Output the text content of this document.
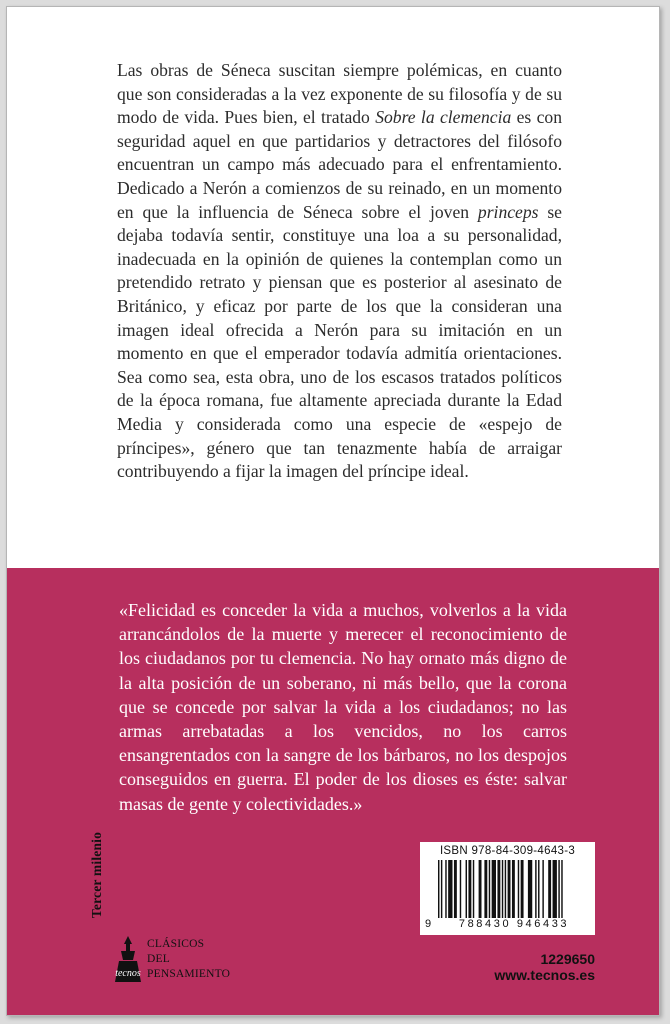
Las obras de Séneca suscitan siempre polémicas, en cuanto que son consideradas a la vez exponente de su filosofía y de su modo de vida. Pues bien, el tratado Sobre la clemencia es con seguridad aquel en que partidarios y detractores del filósofo encuentran un campo más adecuado para el enfrentamiento. Dedicado a Nerón a comienzos de su reinado, en un momento en que la influencia de Séneca sobre el joven princeps se dejaba todavía sentir, constituye una loa a su personalidad, inadecuada en la opinión de quienes la contemplan como un pretendido retrato y piensan que es posterior al asesinato de Británico, y eficaz por parte de los que la consideran una imagen ideal ofrecida a Nerón para su imitación en un momento en que el emperador todavía admitía orientaciones. Sea como sea, esta obra, uno de los escasos tratados políticos de la época romana, fue altamente apreciada durante la Edad Media y considerada como una especie de «espejo de príncipes», género que tan tenazmente había de arraigar contribuyendo a fijar la imagen del príncipe ideal.
«Felicidad es conceder la vida a muchos, volverlos a la vida arrancándolos de la muerte y merecer el reconocimiento de los ciudadanos por tu clemencia. No hay ornato más digno de la alta posición de un soberano, ni más bello, que la corona que se concede por salvar la vida a los ciudadanos; no las armas arrebatadas a los vencidos, no los carros ensangrentados con la sangre de los bárbaros, no los despojos conseguidos en guerra. El poder de los dioses es éste: salvar masas de gente y colectividades.»
Tercer milenio	ISBN 978-84-309-4643-3
9	788430 946433
tecnos
CLÁSICOS
DEL
PENSAMIENTO
1229650
www.tecnos.es
